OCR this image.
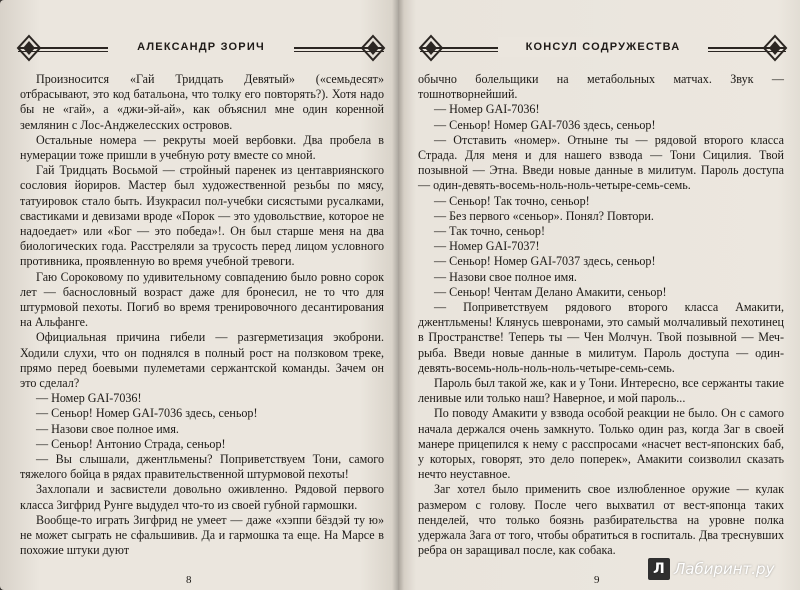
АЛЕКСАНДР ЗОРИЧ

Произносится «Гай Тридцать Девятый» («семьдесят» отбрасывают, это код батальона, что толку его повторять?). Хотя надо бы не «гай», а «джи-эй-ай», как объяснил мне один коренной землянин с Лос-Анджелесских островов.

Остальные номера — рекруты моей вербовки. Два пробела в нумерации тоже пришли в учебную роту вместе со мной.

Гай Тридцать Восьмой — стройный паренек из центавриянского сословия йориров. Мастер был художественной резьбы по мясу, татуировок стало быть. Изукрасил пол-учебки сисястыми русалками, свастиками и девизами вроде «Порок — это удовольствие, которое не надоедает» или «Бог — это победа»!. Он был старше меня на два биологических года. Расстреляли за трусость перед лицом условного противника, проявленную во время учебной тревоги.

Гаю Сороковому по удивительному совпадению было ровно сорок лет — баснословный возраст даже для бронесил, не то что для штурмовой пехоты. Погиб во время тренировочного десантирования на Альфанге.

Официальная причина гибели — разгерметизация экоброни. Ходили слухи, что он поднялся в полный рост на ползковом треке, прямо перед боевыми пулеметами сержантской команды. Зачем он это сделал?

— Номер GAI-7036!

— Сеньор! Номер GAI-7036 здесь, сеньор!

— Назови свое полное имя.

— Сеньор! Антонио Страда, сеньор!

— Вы слышали, джентльмены? Поприветствуем Тони, самого тяжелого бойца в рядах правительственной штурмовой пехоты!

Захлопали и засвистели довольно оживленно. Рядовой первого класса Зигфрид Рунге выдудел что-то из своей губной гармошки.

Вообще-то играть Зигфрид не умеет — даже «хэппи бёздэй ту ю» не может сыграть не сфальшивив. Да и гармошка та еще. На Марсе в похожие штуки дуют

8
КОНСУЛ СОДРУЖЕСТВА

обычно болельщики на метабольных матчах. Звук — тошнотворнейший.

— Номер GAI-7036!

— Сеньор! Номер GAI-7036 здесь, сеньор!

— Отставить «номер». Отныне ты — рядовой второго класса Страда. Для меня и для нашего взвода — Тони Сицилия. Твой позывной — Этна. Введи новые данные в милитум. Пароль доступа — один-девять-восемь-ноль-ноль-четыре-семь-семь.

— Сеньор! Так точно, сеньор!

— Без первого «сеньор». Понял? Повтори.

— Так точно, сеньор!

— Номер GAI-7037!

— Сеньор! Номер GAI-7037 здесь, сеньор!

— Назови свое полное имя.

— Сеньор! Чентам Делано Амакити, сеньор!

— Поприветствуем рядового второго класса Амакити, джентльмены! Клянусь шевронами, это самый молчаливый пехотинец в Пространстве! Теперь ты — Чен Молчун. Твой позывной — Меч-рыба. Введи новые данные в милитум. Пароль доступа — один-девять-восемь-ноль-ноль-ноль-четыре-семь-семь.

Пароль был такой же, как и у Тони. Интересно, все сержанты такие ленивые или только наш? Наверное, и мой пароль...

По поводу Амакити у взвода особой реакции не было. Он с самого начала держался очень замкнуто. Только один раз, когда Заг в своей манере прицепился к нему с расспросами «насчет вест-японских баб, у которых, говорят, это дело поперек», Амакити соизволил сказать нечто неуставное.

Заг хотел было применить свое излюбленное оружие — кулак размером с голову. После чего выхватил от вест-японца таких пенделей, что только боязнь разбирательства на уровне полка удержала Зага от того, чтобы обратиться в госпиталь. Два треснувших ребра он заращивал после, как собака.

9
Л Лабиринт.ру
